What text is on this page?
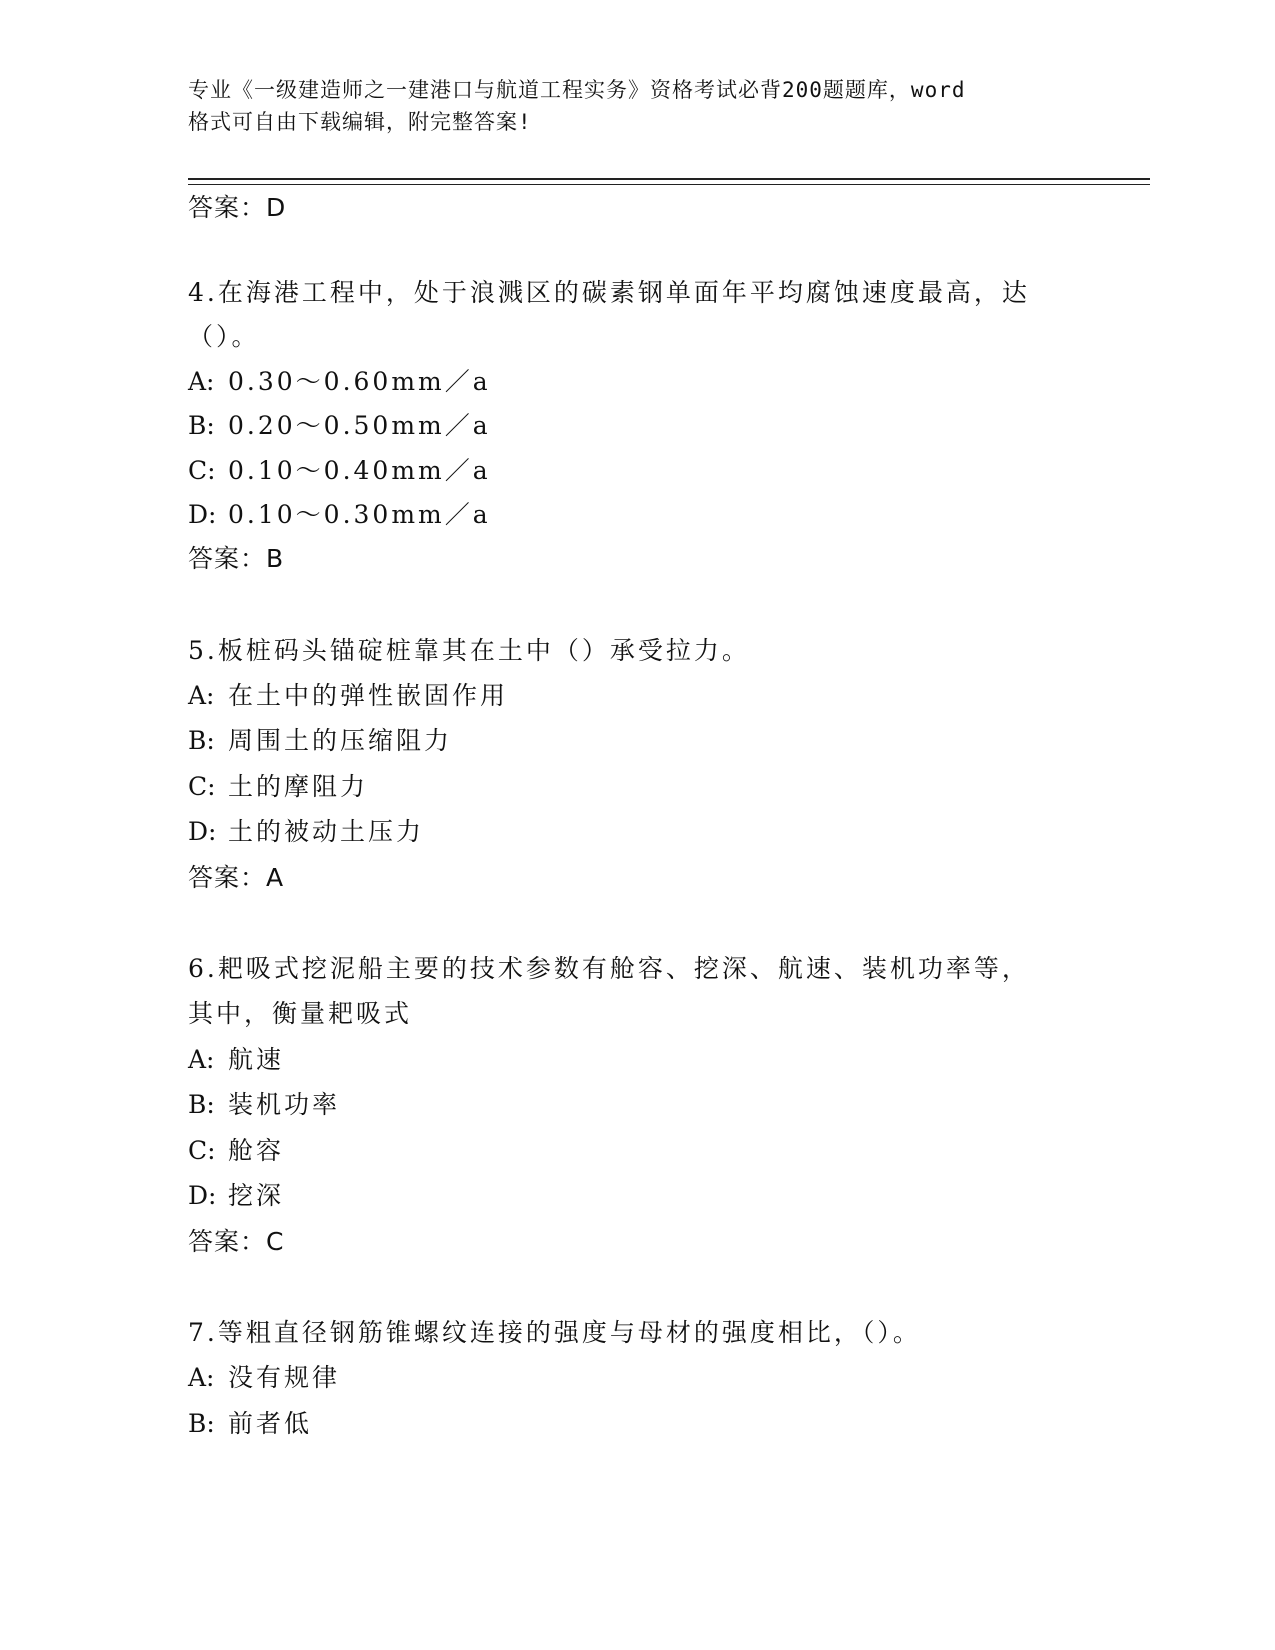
专业《一级建造师之一建港口与航道工程实务》资格考试必背200题题库，word
格式可自由下载编辑，附完整答案!
答案：D
4.在海港工程中，处于浪溅区的碳素钢单面年平均腐蚀速度最高，达
（）。
A: 0.30～0.60mm／a
B: 0.20～0.50mm／a
C: 0.10～0.40mm／a
D: 0.10～0.30mm／a
答案：B
5.板桩码头锚碇桩靠其在土中（）承受拉力。
A: 在土中的弹性嵌固作用
B: 周围土的压缩阻力
C: 土的摩阻力
D: 土的被动土压力
答案：A
6.耙吸式挖泥船主要的技术参数有舱容、挖深、航速、装机功率等，
其中，衡量耙吸式
A: 航速
B: 装机功率
C: 舱容
D: 挖深
答案：C
7.等粗直径钢筋锥螺纹连接的强度与母材的强度相比，（）。
A: 没有规律
B: 前者低
